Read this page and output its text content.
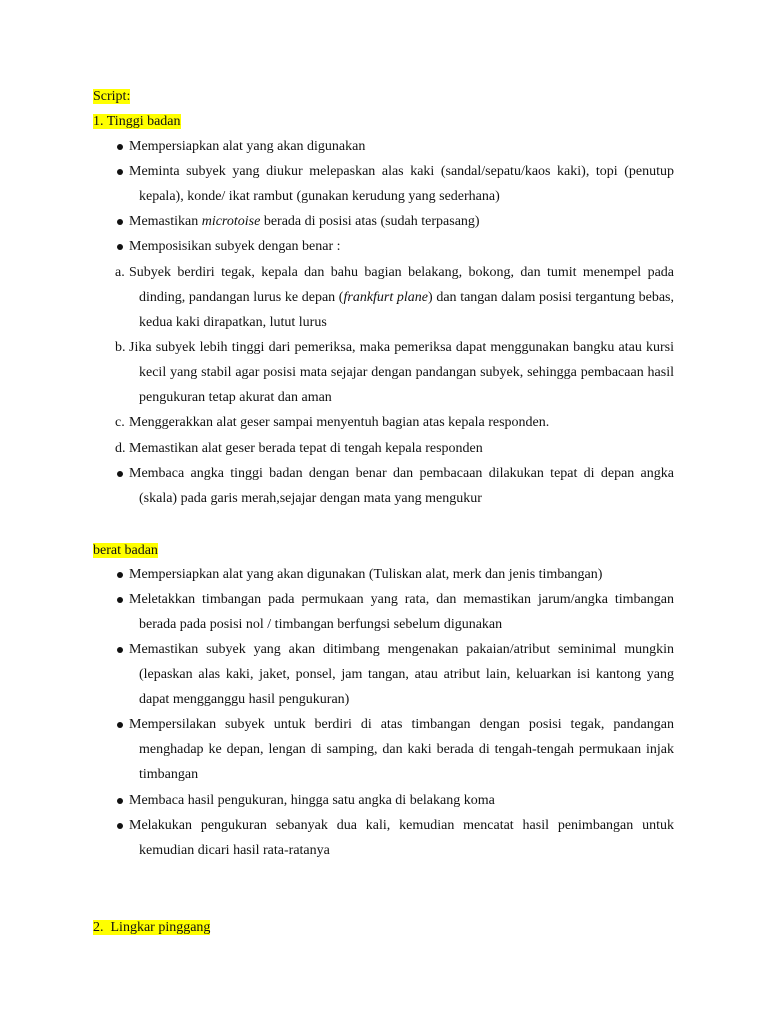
Script:
1. Tinggi badan
Mempersiapkan alat yang akan digunakan
Meminta subyek yang diukur melepaskan alas kaki (sandal/sepatu/kaos kaki), topi (penutup kepala), konde/ ikat rambut (gunakan kerudung yang sederhana)
Memastikan microtoise berada di posisi atas (sudah terpasang)
Memposisikan subyek dengan benar :
a. Subyek berdiri tegak, kepala dan bahu bagian belakang, bokong, dan tumit menempel pada dinding, pandangan lurus ke depan (frankfurt plane) dan tangan dalam posisi tergantung bebas, kedua kaki dirapatkan, lutut lurus
b. Jika subyek lebih tinggi dari pemeriksa, maka pemeriksa dapat menggunakan bangku atau kursi kecil yang stabil agar posisi mata sejajar dengan pandangan subyek, sehingga pembacaan hasil pengukuran tetap akurat dan aman
c. Menggerakkan alat geser sampai menyentuh bagian atas kepala responden.
d. Memastikan alat geser berada tepat di tengah kepala responden
Membaca angka tinggi badan dengan benar dan pembacaan dilakukan tepat di depan angka (skala) pada garis merah,sejajar dengan mata yang mengukur
berat badan
Mempersiapkan alat yang akan digunakan (Tuliskan alat, merk dan jenis timbangan)
Meletakkan timbangan pada permukaan yang rata, dan memastikan jarum/angka timbangan berada pada posisi nol / timbangan berfungsi sebelum digunakan
Memastikan subyek yang akan ditimbang mengenakan pakaian/atribut seminimal mungkin (lepaskan alas kaki, jaket, ponsel, jam tangan, atau atribut lain, keluarkan isi kantong yang dapat mengganggu hasil pengukuran)
Mempersilakan subyek untuk berdiri di atas timbangan dengan posisi tegak, pandangan menghadap ke depan, lengan di samping, dan kaki berada di tengah-tengah permukaan injak timbangan
Membaca hasil pengukuran, hingga satu angka di belakang koma
Melakukan pengukuran sebanyak dua kali, kemudian mencatat hasil penimbangan untuk kemudian dicari hasil rata-ratanya
2.  Lingkar pinggang
